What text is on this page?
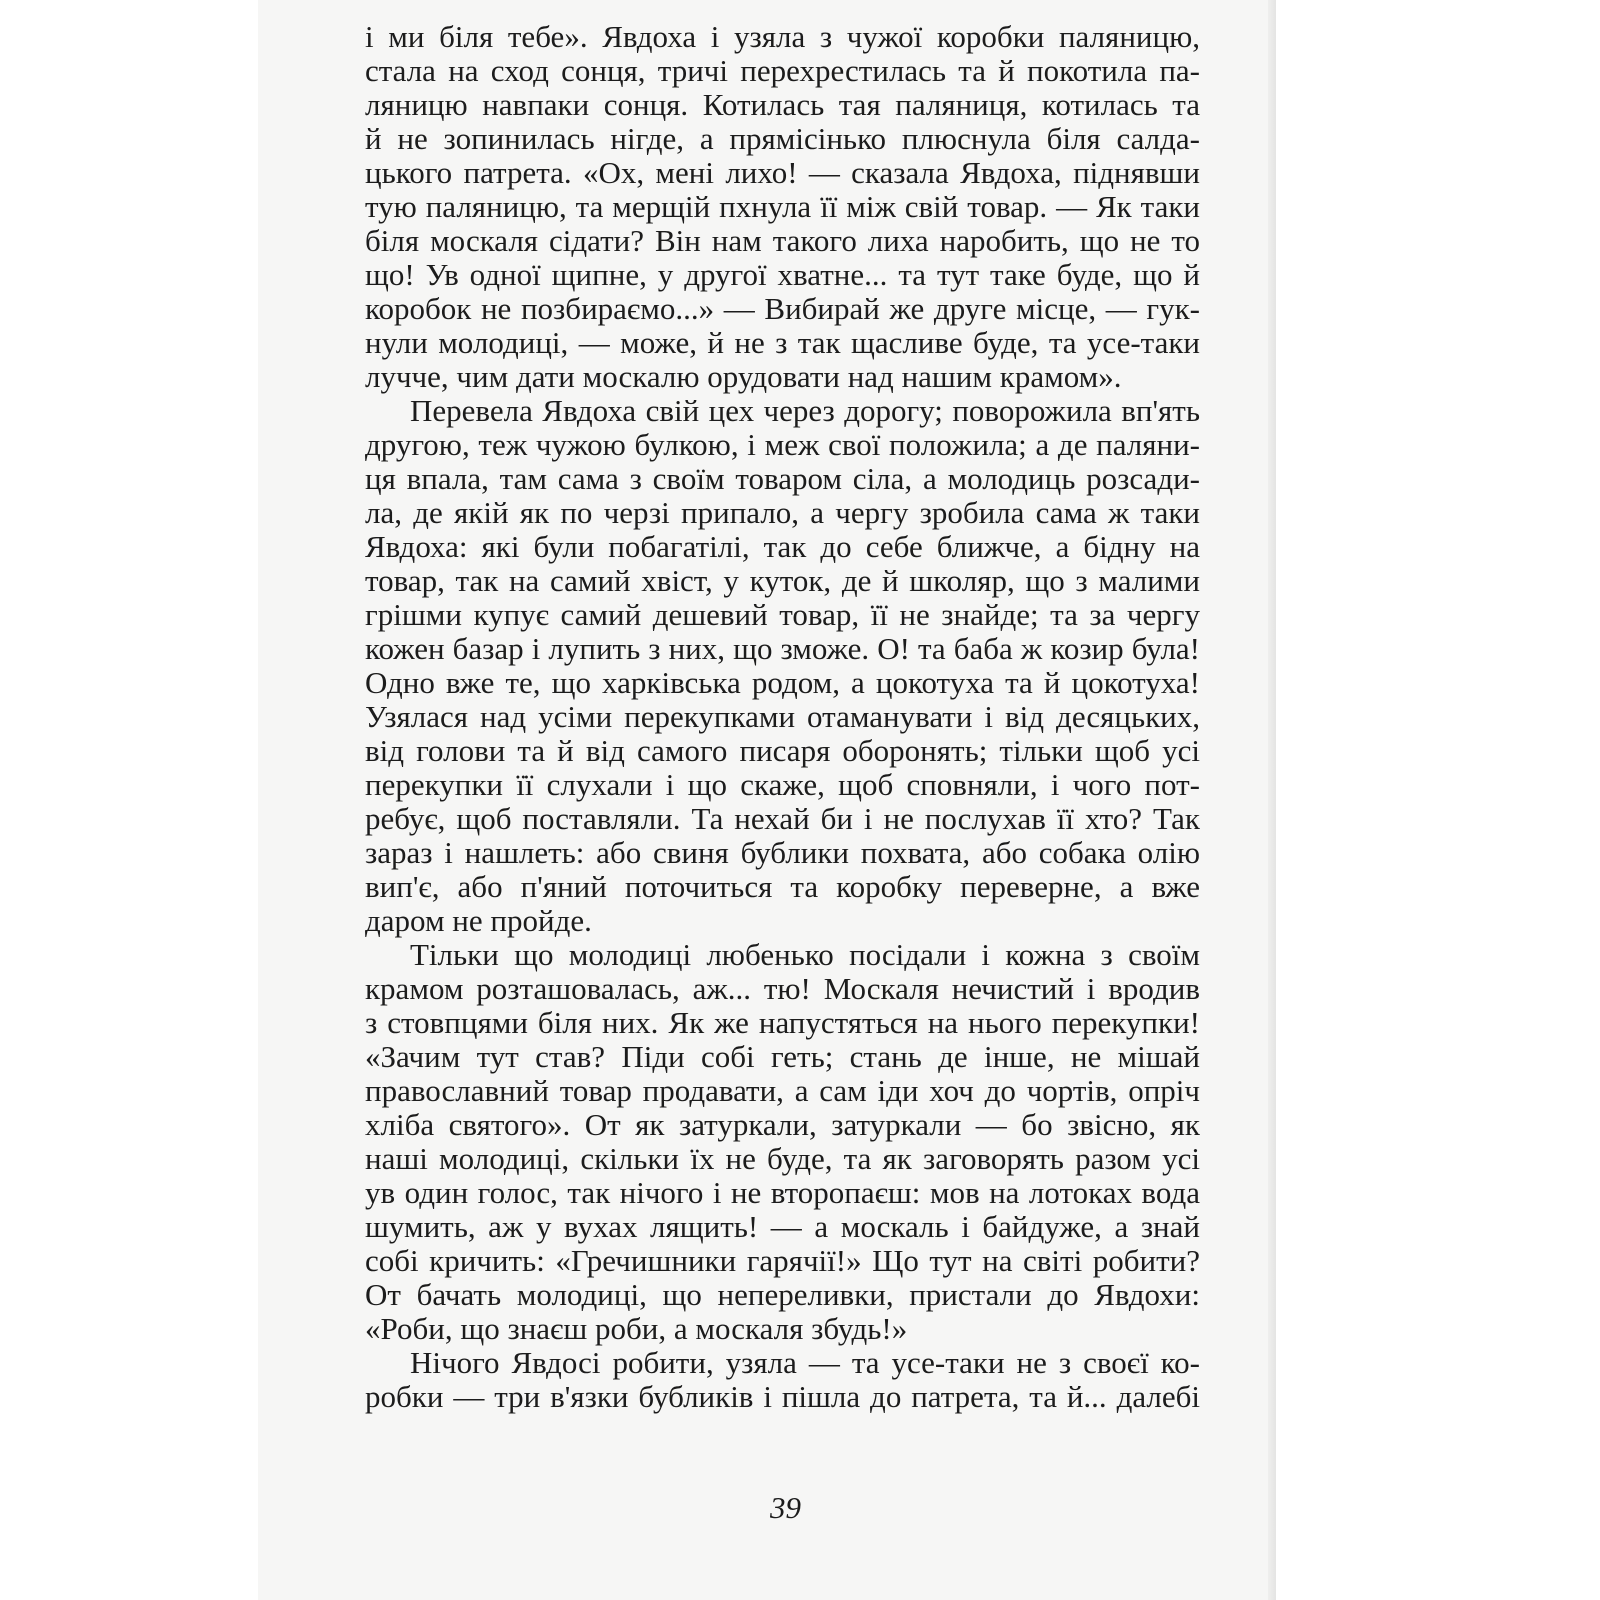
і ми біля тебе». Явдоха і узяла з чужої коробки паляницю,
стала на сход сонця, тричі перехрестилась та й покотила па-
ляницю навпаки сонця. Котилась тая паляниця, котилась та
й не зопинилась нігде, а прямісінько плюснула біля салда-
цького патрета. «Ох, мені лихо! — сказала Явдоха, піднявши
тую паляницю, та мерщій пхнула її між свій товар. — Як таки
біля москаля сідати? Він нам такого лиха наробить, що не то
що! Ув одної щипне, у другої хватне... та тут таке буде, що й
коробок не позбираємо...» — Вибирай же друге місце, — гук-
нули молодиці, — може, й не з так щасливе буде, та усе-таки
лучче, чим дати москалю орудовати над нашим крамом».
Перевела Явдоха свій цех через дорогу; поворожила вп'ять
другою, теж чужою булкою, і меж свої положила; а де паляни-
ця впала, там сама з своїм товаром сіла, а молодиць розсади-
ла, де якій як по черзі припало, а чергу зробила сама ж таки
Явдоха: які були побагатілі, так до себе ближче, а бідну на
товар, так на самий хвіст, у куток, де й школяр, що з малими
грішми купує самий дешевий товар, її не знайде; та за чергу
кожен базар і лупить з них, що зможе. О! та баба ж козир була!
Одно вже те, що харківська родом, а цокотуха та й цокотуха!
Узялася над усіми перекупками отаманувати і від десяцьких,
від голови та й від самого писаря оборонять; тільки щоб усі
перекупки її слухали і що скаже, щоб сповняли, і чого пот-
ребує, щоб поставляли. Та нехай би і не послухав її хто? Так
зараз і нашлеть: або свиня бублики похвата, або собака олію
вип'є, або п'яний поточиться та коробку переверне, а вже
даром не пройде.
Тільки що молодиці любенько посідали і кожна з своїм
крамом розташовалась, аж... тю! Москаля нечистий і вродив
з стовпцями біля них. Як же напустяться на нього перекупки!
«Зачим тут став? Піди собі геть; стань де інше, не мішай
православний товар продавати, а сам іди хоч до чортів, опріч
хліба святого». От як затуркали, затуркали — бо звісно, як
наші молодиці, скільки їх не буде, та як заговорять разом усі
ув один голос, так нічого і не второпаєш: мов на лотоках вода
шумить, аж у вухах лящить! — а москаль і байдуже, а знай
собі кричить: «Гречишники гарячії!» Що тут на світі робити?
От бачать молодиці, що непереливки, пристали до Явдохи:
«Роби, що знаєш роби, а москаля збудь!»
Нічого Явдосі робити, узяла — та усе-таки не з своєї ко-
робки — три в'язки бубликів і пішла до патрета, та й... далебі
39
